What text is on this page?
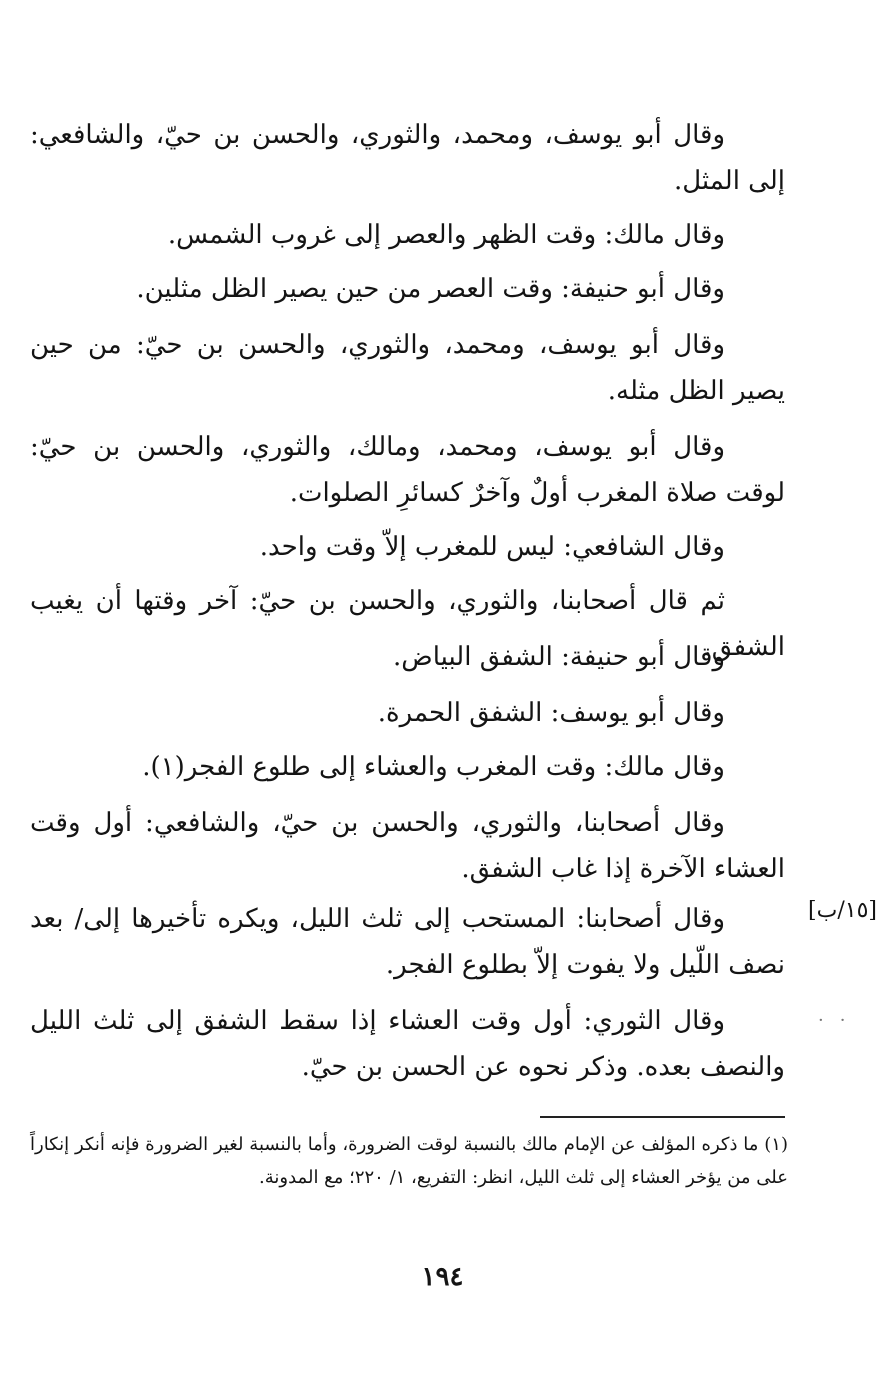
وقال أبو يوسف، ومحمد، والثوري، والحسن بن حيّ، والشافعي: إلى المثل.

وقال مالك: وقت الظهر والعصر إلى غروب الشمس.

وقال أبو حنيفة: وقت العصر من حين يصير الظل مثلين.

وقال أبو يوسف، ومحمد، والثوري، والحسن بن حيّ: من حين يصير الظل مثله.

وقال أبو يوسف، ومحمد، ومالك، والثوري، والحسن بن حيّ: لوقت صلاة المغرب أولٌ وآخرٌ كسائرِ الصلوات.

وقال الشافعي: ليس للمغرب إلاّ وقت واحد.

ثم قال أصحابنا، والثوري، والحسن بن حيّ: آخر وقتها أن يغيب الشفق.

وقال أبو حنيفة: الشفق البياض.

وقال أبو يوسف: الشفق الحمرة.

وقال مالك: وقت المغرب والعشاء إلى طلوع الفجر(١).

وقال أصحابنا، والثوري، والحسن بن حيّ، والشافعي: أول وقت العشاء الآخرة إذا غاب الشفق.

وقال أصحابنا: المستحب إلى ثلث الليل، ويكره تأخيرها إلى/ بعد نصف اللّيل ولا يفوت إلاّ بطلوع الفجر.

وقال الثوري: أول وقت العشاء إذا سقط الشفق إلى ثلث الليل والنصف بعده. وذكر نحوه عن الحسن بن حيّ.

[١٥/ب]
··

(١) ما ذكره المؤلف عن الإمام مالك بالنسبة لوقت الضرورة، وأما بالنسبة لغير الضرورة فإنه أنكر إنكاراً على من يؤخر العشاء إلى ثلث الليل، انظر: التفريع، ١/ ٢٢٠؛ مع المدونة.

١٩٤
